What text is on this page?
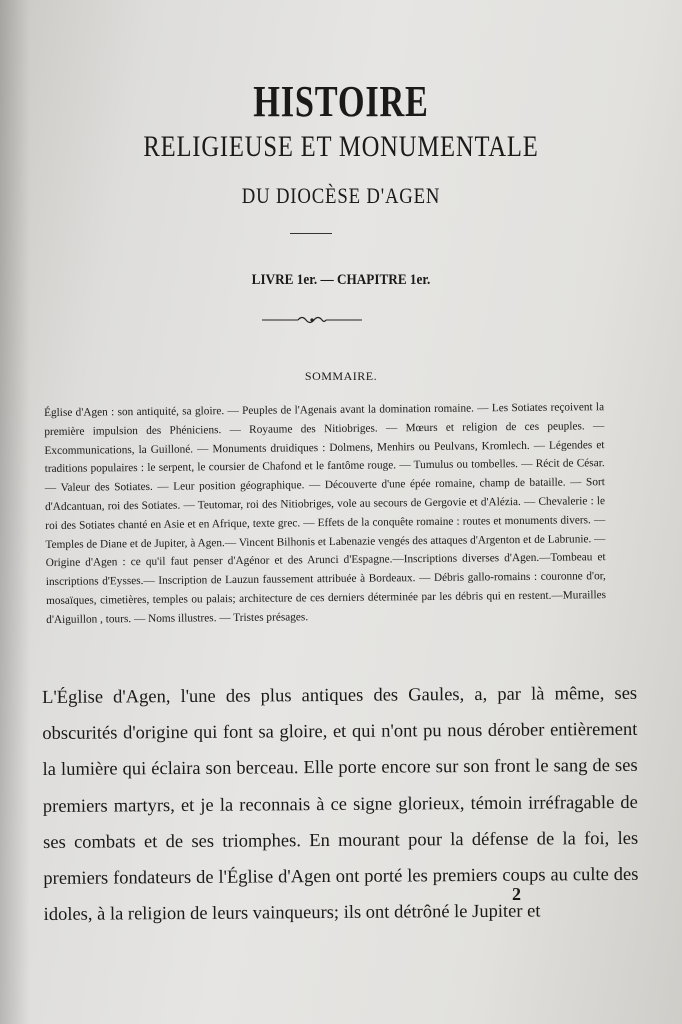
HISTOIRE
RELIGIEUSE ET MONUMENTALE
DU DIOCÈSE D'AGEN
LIVRE 1er. — CHAPITRE 1er.
SOMMAIRE.

Église d'Agen : son antiquité, sa gloire. — Peuples de l'Agenais avant la domination romaine. — Les Sotiates reçoivent la première impulsion des Phéniciens. — Royaume des Nitiobriges. — Mœurs et religion de ces peuples. — Excommunications, la Guilloné. — Monuments druidiques : Dolmens, Menhirs ou Peulvans, Kromlech. — Légendes et traditions populaires : le serpent, le coursier de Chafond et le fantôme rouge. — Tumulus ou tombelles. — Récit de César. — Valeur des Sotiates. — Leur position géographique. — Découverte d'une épée romaine, champ de bataille. — Sort d'Adcantuan, roi des Sotiates. — Teutomar, roi des Nitiobriges, vole au secours de Gergovie et d'Alézia. — Chevalerie : le roi des Sotiates chanté en Asie et en Afrique, texte grec. — Effets de la conquête romaine : routes et monuments divers. — Temples de Diane et de Jupiter, à Agen.— Vincent Bilhonis et Labenazie vengés des attaques d'Argenton et de Labrunie. — Origine d'Agen : ce qu'il faut penser d'Agénor et des Arunci d'Espagne.—Inscriptions diverses d'Agen.—Tombeau et inscriptions d'Eysses.— Inscription de Lauzun faussement attribuée à Bordeaux. — Débris gallo-romains : couronne d'or, mosaïques, cimetières, temples ou palais; architecture de ces derniers déterminée par les débris qui en restent.—Murailles d'Aiguillon , tours. — Noms illustres. — Tristes présages.

L'Église d'Agen, l'une des plus antiques des Gaules, a, par là même, ses obscurités d'origine qui font sa gloire, et qui n'ont pu nous dérober entièrement la lumière qui éclaira son berceau. Elle porte encore sur son front le sang de ses premiers martyrs, et je la reconnais à ce signe glorieux, témoin irréfragable de ses combats et de ses triomphes. En mourant pour la défense de la foi, les premiers fondateurs de l'Église d'Agen ont porté les premiers coups au culte des idoles, à la religion de leurs vainqueurs; ils ont détrôné le Jupiter et

2
